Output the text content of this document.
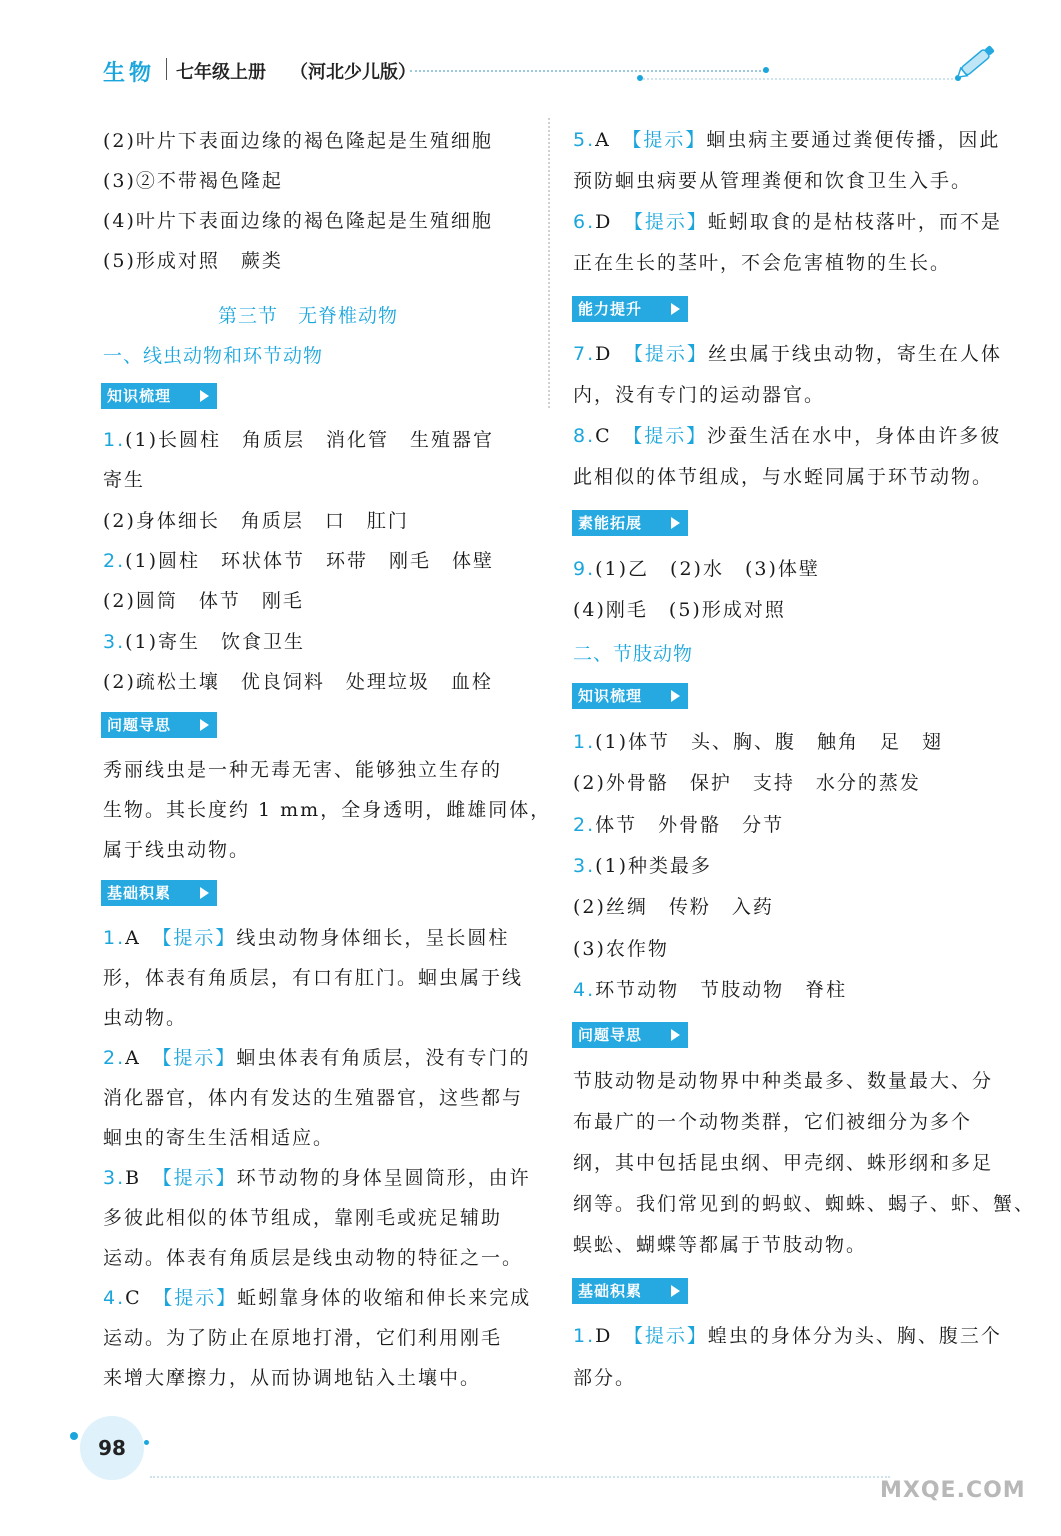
生物 七年级上册 （河北少儿版）
(2)叶片下表面边缘的褐色隆起是生殖细胞
(3)②不带褐色隆起
(4)叶片下表面边缘的褐色隆起是生殖细胞
(5)形成对照　蕨类
第三节　无脊椎动物
一、线虫动物和环节动物
知识梳理
1.(1)长圆柱　角质层　消化管　生殖器官
寄生
(2)身体细长　角质层　口　肛门
2.(1)圆柱　环状体节　环带　刚毛　体壁
(2)圆筒　体节　刚毛
3.(1)寄生　饮食卫生
(2)疏松土壤　优良饲料　处理垃圾　血栓
问题导思
秀丽线虫是一种无毒无害、能够独立生存的
生物。其长度约 1 mm，全身透明，雌雄同体，
属于线虫动物。
基础积累
1.A　 【提示】线虫动物身体细长，呈长圆柱
形，体表有角质层，有口有肛门。蛔虫属于线
虫动物。
2.A　 【提示】蛔虫体表有角质层，没有专门的
消化器官，体内有发达的生殖器官，这些都与
蛔虫的寄生生活相适应。
3.B　 【提示】环节动物的身体呈圆筒形，由许
多彼此相似的体节组成，靠刚毛或疣足辅助
运动。体表有角质层是线虫动物的特征之一。
4.C　 【提示】蚯蚓靠身体的收缩和伸长来完成
运动。为了防止在原地打滑，它们利用刚毛
来增大摩擦力，从而协调地钻入土壤中。
5.A　 【提示】蛔虫病主要通过粪便传播，因此
预防蛔虫病要从管理粪便和饮食卫生入手。
6.D　 【提示】蚯蚓取食的是枯枝落叶，而不是
正在生长的茎叶，不会危害植物的生长。
能力提升
7.D　 【提示】丝虫属于线虫动物，寄生在人体
内，没有专门的运动器官。
8.C　 【提示】沙蚕生活在水中，身体由许多彼
此相似的体节组成，与水蛭同属于环节动物。
素能拓展
9.(1)乙　(2)水　(3)体壁
(4)刚毛　(5)形成对照
二、节肢动物
知识梳理
1.(1)体节　头、胸、腹　触角　足　翅
(2)外骨骼　保护　支持　水分的蒸发
2.体节　外骨骼　分节
3.(1)种类最多
(2)丝绸　传粉　入药
(3)农作物
4.环节动物　节肢动物　脊柱
问题导思
节肢动物是动物界中种类最多、数量最大、分
布最广的一个动物类群，它们被细分为多个
纲，其中包括昆虫纲、甲壳纲、蛛形纲和多足
纲等。我们常见到的蚂蚁、蜘蛛、蝎子、虾、蟹、
蜈蚣、蝴蝶等都属于节肢动物。
基础积累
1.D　 【提示】蝗虫的身体分为头、胸、腹三个
部分。
98
MXQE.COM
